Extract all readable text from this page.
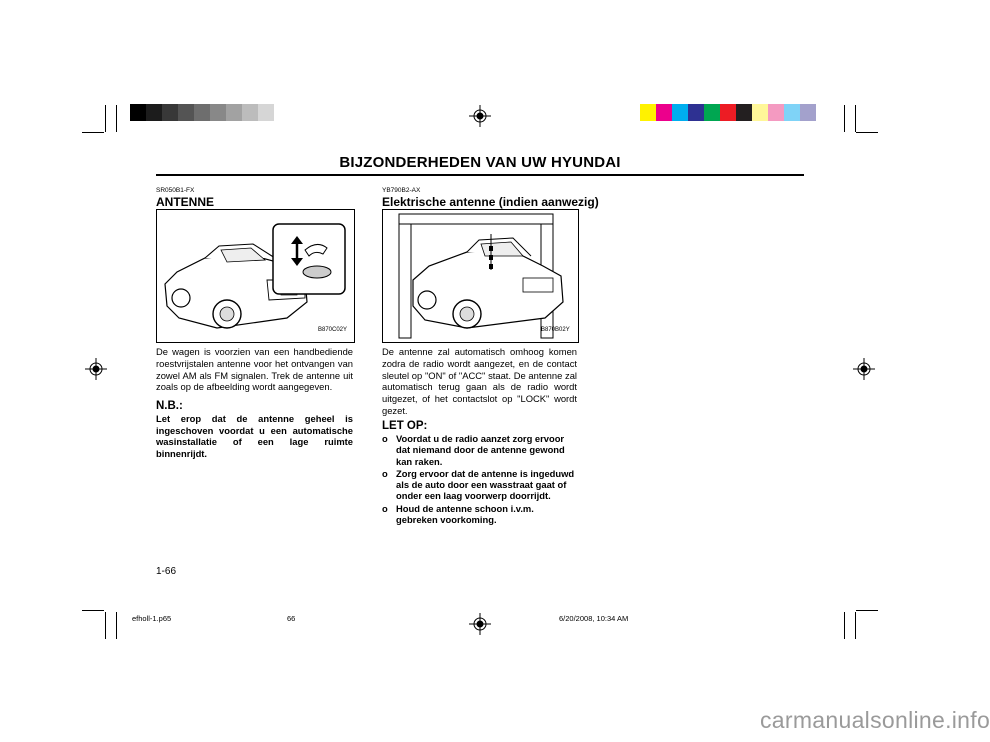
BIJZONDERHEDEN VAN UW HYUNDAI
SR050B1-FX
ANTENNE
B870C02Y
De wagen is voorzien van een handbediende roestvrijstalen antenne voor het ontvangen van zowel AM als FM signalen. Trek de antenne uit zoals op de afbeelding wordt aangegeven.
N.B.:
Let erop dat de antenne geheel is ingeschoven voordat u een automatische wasinstallatie of een lage ruimte binnenrijdt.
YB790B2-AX
Elektrische antenne (indien aanwezig)
B870B02Y
De antenne zal automatisch omhoog komen zodra de radio wordt aangezet, en de contact sleutel op "ON" of "ACC" staat. De antenne zal automatisch terug gaan als de radio wordt uitgezet, of het contactslot op "LOCK" wordt gezet.
LET OP:
o Voordat u de radio aanzet zorg ervoor dat niemand door de antenne gewond kan raken.
o Zorg ervoor dat de antenne is ingeduwd als de auto door een wasstraat gaat of onder een laag voorwerp doorrijdt.
o Houd de antenne schoon i.v.m. gebreken voorkoming.
1-66
efholl-1.p65	66	6/20/2008, 10:34 AM
carmanualsonline.info
